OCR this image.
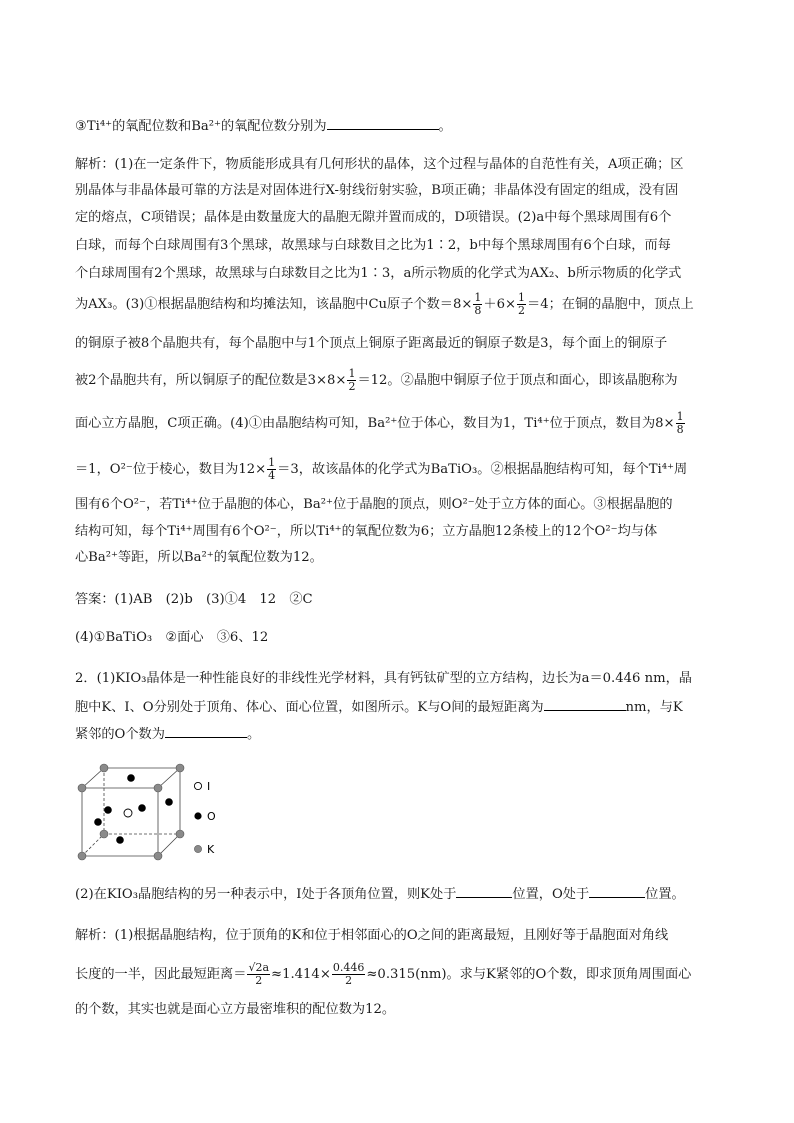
③Ti⁴⁺的氧配位数和Ba²⁺的氧配位数分别为	。
解析：(1)在一定条件下，物质能形成具有几何形状的晶体，这个过程与晶体的自范性有关，A项正确；区
别晶体与非晶体最可靠的方法是对固体进行X-射线衍射实验，B项正确；非晶体没有固定的组成，没有固
定的熔点，C项错误；晶体是由数量庞大的晶胞无隙并置而成的，D项错误。(2)a中每个黑球周围有6个
白球，而每个白球周围有3个黑球，故黑球与白球数目之比为1∶2，b中每个黑球周围有6个白球，而每
个白球周围有2个黑球，故黑球与白球数目之比为1∶3，a所示物质的化学式为AX₂、b所示物质的化学式
为AX₃。(3)①根据晶胞结构和均摊法知，该晶胞中Cu原子个数$=8\times \frac{1}{8} +6\times \frac{1}{2} =4$；在铜的晶胞中，顶点上
的铜原子被8个晶胞共有，每个晶胞中与1个顶点上铜原子距离最近的铜原子数是3，每个面上的铜原子
被2个晶胞共有，所以铜原子的配位数是$3\times 8\times \frac{1}{2} =12$。②晶胞中铜原子位于顶点和面心，即该晶胞称为
面心立方晶胞，C项正确。(4)①由晶胞结构可知，Ba²⁺位于体心，数目为1，Ti⁴⁺位于顶点，数目为$8\times \frac{1}{8}$
＝1，O²⁻位于棱心，数目为$12\times \frac{1}{4} =3$，故该晶体的化学式为BaTiO₃。②根据晶胞结构可知，每个Ti⁴⁺周
围有6个O²⁻，若Ti⁴⁺位于晶胞的体心，Ba²⁺位于晶胞的顶点，则O²⁻处于立方体的面心。③根据晶胞的
结构可知，每个Ti⁴⁺周围有6个O²⁻，所以Ti⁴⁺的氧配位数为6；立方晶胞12条棱上的12个O²⁻均与体
心Ba²⁺等距，所以Ba²⁺的氧配位数为12。
答案：(1)AB　(2)b　(3)①4　12　②C
(4)①BaTiO₃　②面心　③6、12
2．(1)KIO₃晶体是一种性能良好的非线性光学材料，具有钙钛矿型的立方结构，边长为a＝0.446 nm，晶
胞中K、I、O分别处于顶角、体心、面心位置，如图所示。K与O间的最短距离为	nm，与K
紧邻的O个数为	。
I
O
K
(2)在KIO₃晶胞结构的另一种表示中，I处于各顶角位置，则K处于	位置，O处于	位置。
解析：(1)根据晶胞结构，位于顶角的K和位于相邻面心的O之间的距离最短，且刚好等于晶胞面对角线
长度的一半，因此最短距离＝ $\frac{√2a}{2} \approx 1.414\times \frac{0.446}{2} \approx 0.315(nm)$。求与K紧邻的O个数，即求顶角周围面心
的个数，其实也就是面心立方最密堆积的配位数为12。
